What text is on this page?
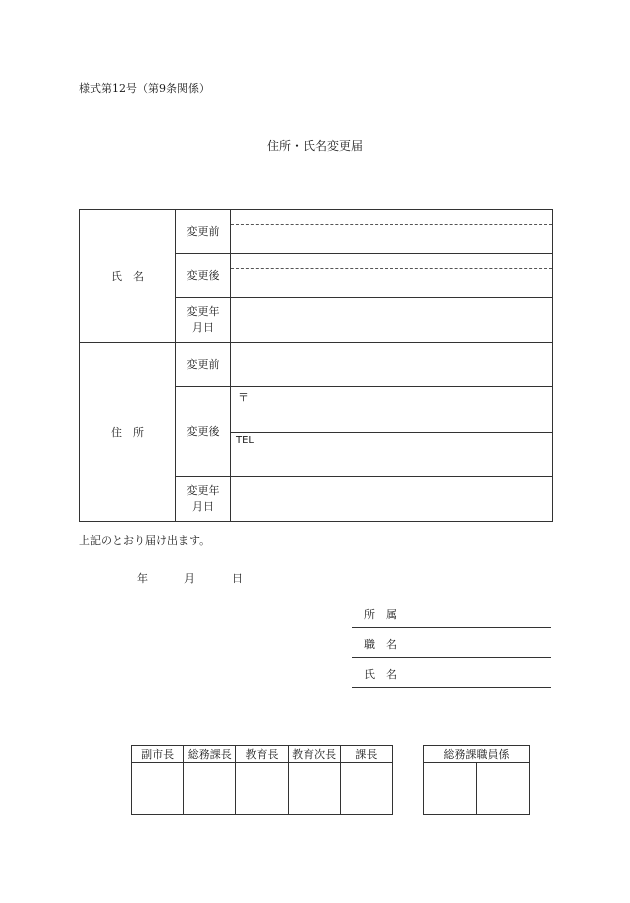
様式第12号（第9条関係）
住所・氏名変更届
氏　名	変更前	

	変更後	

	変更年
月日	

住　所	変更前	
	変更後	〒

		TEL

	変更年
月日	

上記のとおり届け出ます。
年	月	日
所　属
職　名
氏　名
副市長	総務課長	教育長	教育次長	課長
					総務課職員係
